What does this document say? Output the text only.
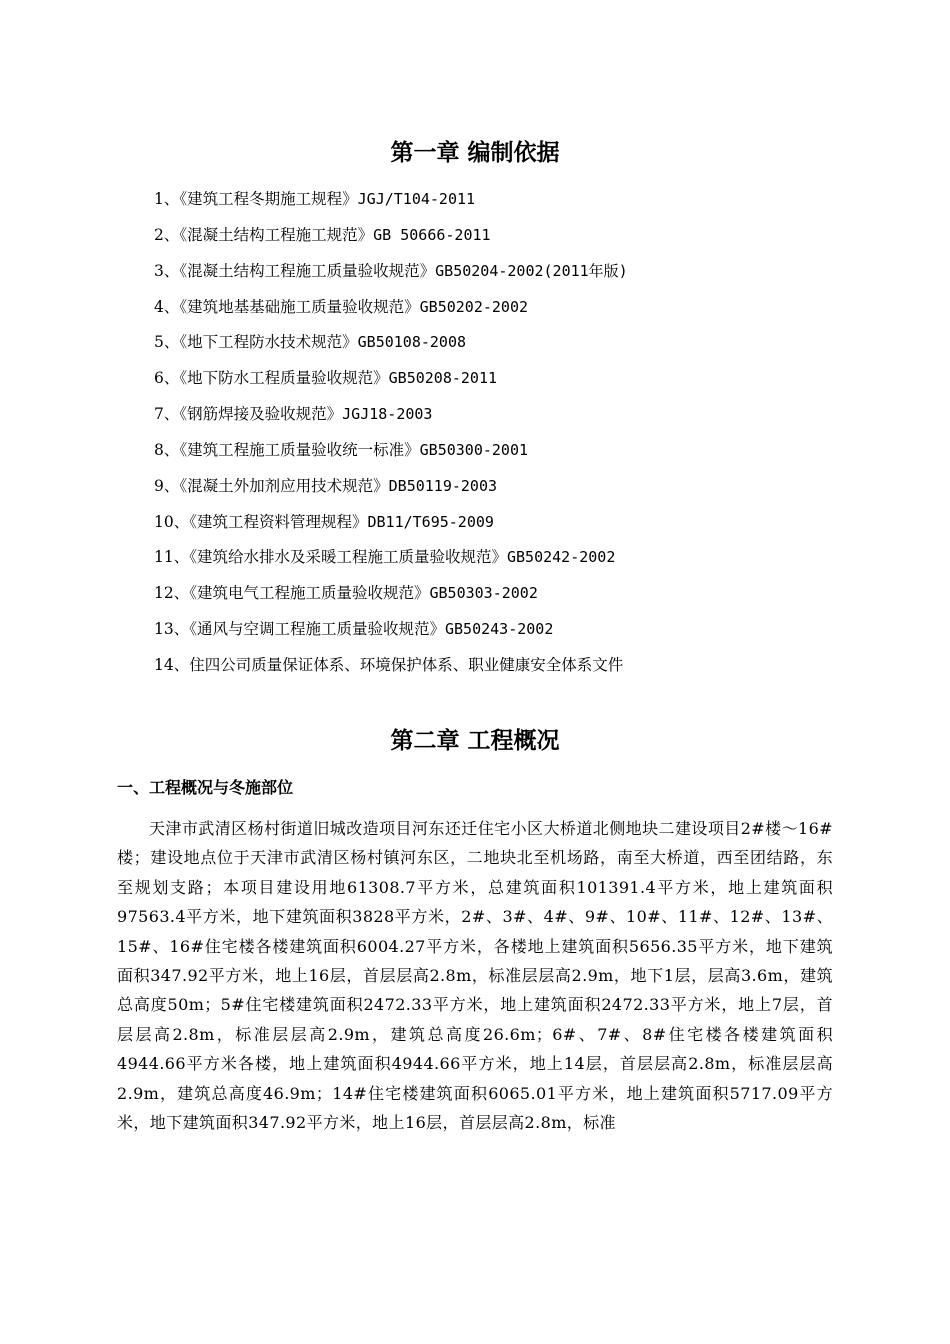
第一章 编制依据
1、《建筑工程冬期施工规程》JGJ/T104-2011
2、《混凝土结构工程施工规范》GB 50666-2011
3、《混凝土结构工程施工质量验收规范》GB50204-2002(2011年版)
4、《建筑地基基础施工质量验收规范》GB50202-2002
5、《地下工程防水技术规范》GB50108-2008
6、《地下防水工程质量验收规范》GB50208-2011
7、《钢筋焊接及验收规范》JGJ18-2003
8、《建筑工程施工质量验收统一标准》GB50300-2001
9、《混凝土外加剂应用技术规范》DB50119-2003
10、《建筑工程资料管理规程》DB11/T695-2009
11、《建筑给水排水及采暖工程施工质量验收规范》GB50242-2002
12、《建筑电气工程施工质量验收规范》GB50303-2002
13、《通风与空调工程施工质量验收规范》GB50243-2002
14、住四公司质量保证体系、环境保护体系、职业健康安全体系文件
第二章 工程概况
一、工程概况与冬施部位

天津市武清区杨村街道旧城改造项目河东还迁住宅小区大桥道北侧地块二建设项目2#楼～16#楼；建设地点位于天津市武清区杨村镇河东区，二地块北至机场路，南至大桥道，西至团结路，东至规划支路；本项目建设用地61308.7平方米，总建筑面积101391.4平方米，地上建筑面积97563.4平方米，地下建筑面积3828平方米，2#、3#、4#、9#、10#、11#、12#、13#、15#、16#住宅楼各楼建筑面积6004.27平方米，各楼地上建筑面积5656.35平方米，地下建筑面积347.92平方米，地上16层，首层层高2.8m，标准层层高2.9m，地下1层，层高3.6m，建筑总高度50m；5#住宅楼建筑面积2472.33平方米，地上建筑面积2472.33平方米，地上7层，首层层高2.8m，标准层层高2.9m，建筑总高度26.6m；6#、7#、8#住宅楼各楼建筑面积4944.66平方米各楼，地上建筑面积4944.66平方米，地上14层，首层层高2.8m，标准层层高2.9m，建筑总高度46.9m；14#住宅楼建筑面积6065.01平方米，地上建筑面积5717.09平方米，地下建筑面积347.92平方米，地上16层，首层层高2.8m，标准
